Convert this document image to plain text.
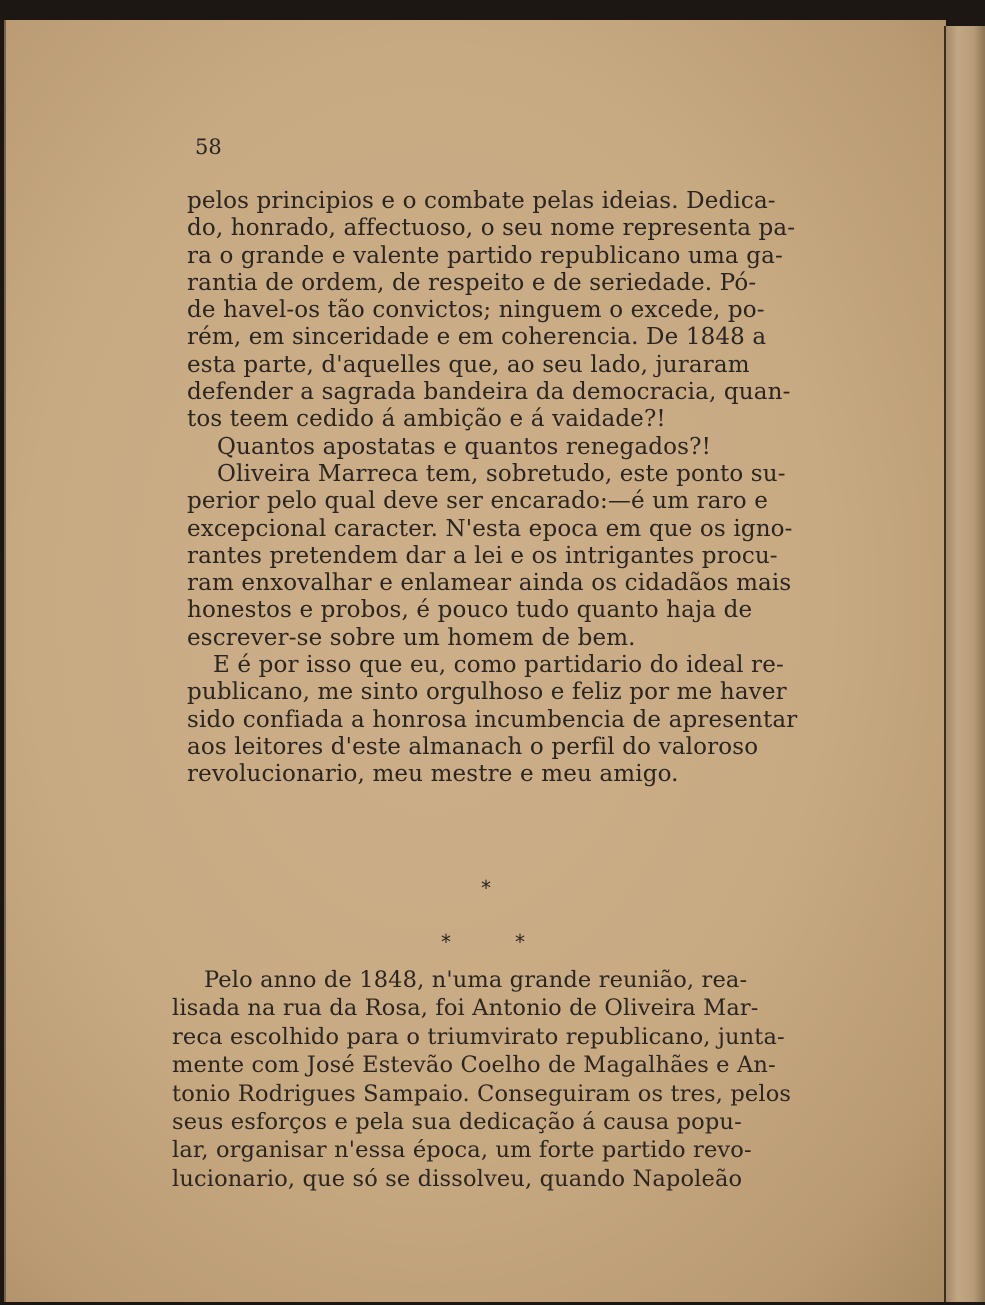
58
pelos principios e o combate pelas ideias. Dedica-
do, honrado, affectuoso, o seu nome representa pa-
ra o grande e valente partido republicano uma ga-
rantia de ordem, de respeito e de seriedade. Pó-
de havel-os tão convictos; ninguem o excede, po-
rém, em sinceridade e em coherencia. De 1848 a
esta parte, d'aquelles que, ao seu lado, juraram
defender a sagrada bandeira da democracia, quan-
tos teem cedido á ambição e á vaidade?!
Quantos apostatas e quantos renegados?!
Oliveira Marreca tem, sobretudo, este ponto su-
perior pelo qual deve ser encarado:—é um raro e
excepcional caracter. N'esta epoca em que os igno-
rantes pretendem dar a lei e os intrigantes procu-
ram enxovalhar e enlamear ainda os cidadãos mais
honestos e probos, é pouco tudo quanto haja de
escrever-se sobre um homem de bem.
E é por isso que eu, como partidario do ideal re-
publicano, me sinto orgulhoso e feliz por me haver
sido confiada a honrosa incumbencia de apresentar
aos leitores d'este almanach o perfil do valoroso
revolucionario, meu mestre e meu amigo.
*
*	*
Pelo anno de 1848, n'uma grande reunião, rea-
lisada na rua da Rosa, foi Antonio de Oliveira Mar-
reca escolhido para o triumvirato republicano, junta-
mente com José Estevão Coelho de Magalhães e An-
tonio Rodrigues Sampaio. Conseguiram os tres, pelos
seus esforços e pela sua dedicação á causa popu-
lar, organisar n'essa época, um forte partido revo-
lucionario, que só se dissolveu, quando Napoleão
